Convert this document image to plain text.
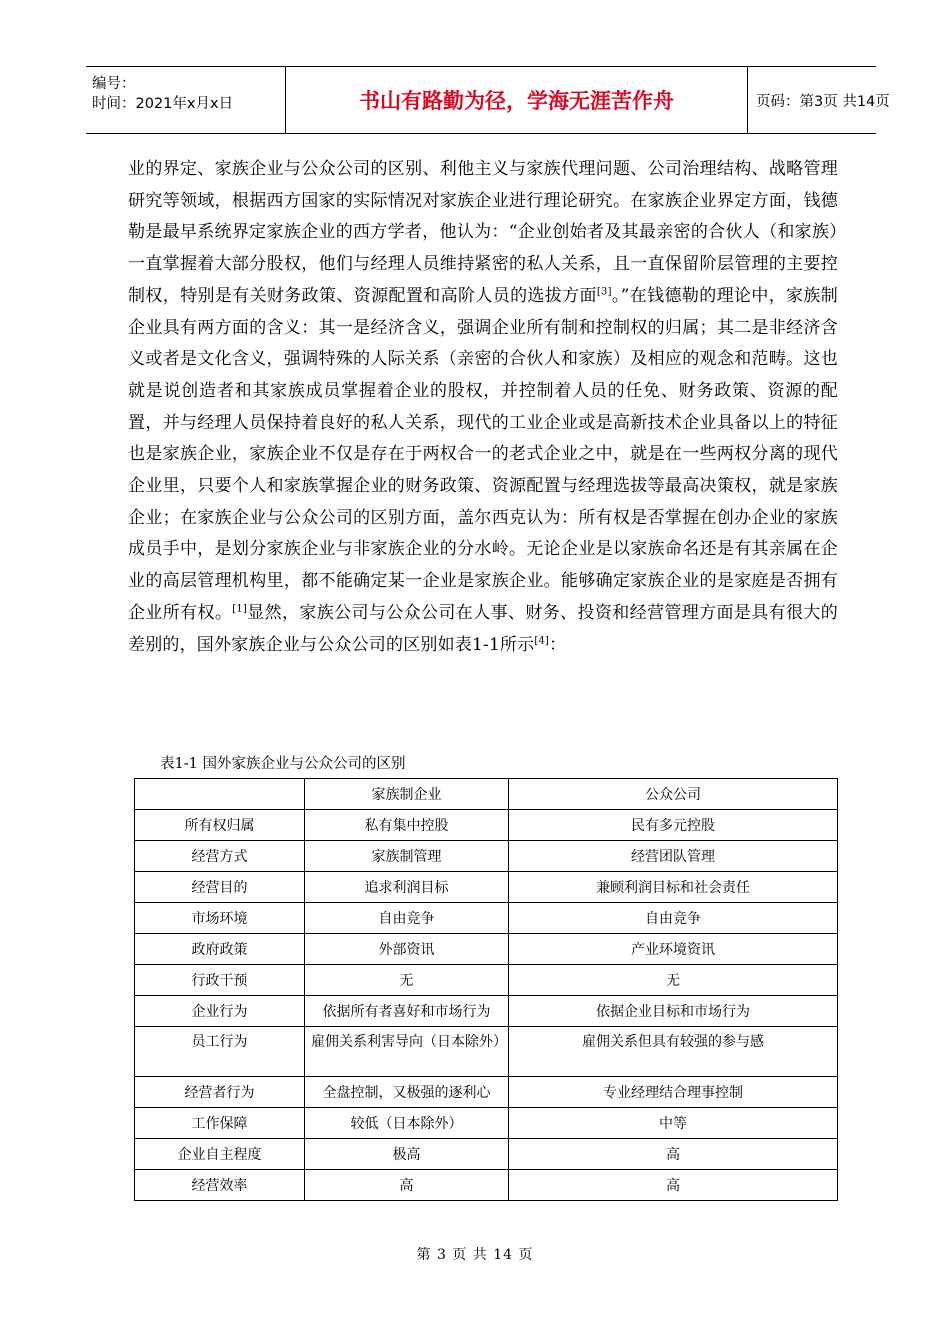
编号：
时间：2021年x月x日	书山有路勤为径，学海无涯苦作舟	页码：第3页 共14页
业的界定、家族企业与公众公司的区别、利他主义与家族代理问题、公司治理结构、战略管理研究等领域，根据西方国家的实际情况对家族企业进行理论研究。在家族企业界定方面，钱德勒是最早系统界定家族企业的西方学者，他认为：“企业创始者及其最亲密的合伙人（和家族）一直掌握着大部分股权，他们与经理人员维持紧密的私人关系，且一直保留阶层管理的主要控制权，特别是有关财务政策、资源配置和高阶人员的选拔方面[3]。”在钱德勒的理论中，家族制企业具有两方面的含义：其一是经济含义，强调企业所有制和控制权的归属；其二是非经济含义或者是文化含义，强调特殊的人际关系（亲密的合伙人和家族）及相应的观念和范畴。这也就是说创造者和其家族成员掌握着企业的股权，并控制着人员的任免、财务政策、资源的配置，并与经理人员保持着良好的私人关系，现代的工业企业或是高新技术企业具备以上的特征也是家族企业，家族企业不仅是存在于两权合一的老式企业之中，就是在一些两权分离的现代企业里，只要个人和家族掌握企业的财务政策、资源配置与经理选拔等最高决策权，就是家族企业；在家族企业与公众公司的区别方面，盖尔西克认为：所有权是否掌握在创办企业的家族成员手中，是划分家族企业与非家族企业的分水岭。无论企业是以家族命名还是有其亲属在企业的高层管理机构里，都不能确定某一企业是家族企业。能够确定家族企业的是家庭是否拥有企业所有权。[1]显然，家族公司与公众公司在人事、财务、投资和经营管理方面是具有很大的差别的，国外家族企业与公众公司的区别如表1-1所示[4]：
表1-1 国外家族企业与公众公司的区别
	家族制企业	公众公司
所有权归属	私有集中控股	民有多元控股
经营方式	家族制管理	经营团队管理
经营目的	追求利润目标	兼顾利润目标和社会责任
市场环境	自由竞争	自由竞争
政府政策	外部资讯	产业环境资讯
行政干预	无	无
企业行为	依据所有者喜好和市场行为	依据企业目标和市场行为
员工行为	雇佣关系利害导向（日本除外）	雇佣关系但具有较强的参与感
经营者行为	全盘控制，又极强的逐利心	专业经理结合理事控制
工作保障	较低（日本除外）	中等
企业自主程度	极高	高
经营效率	高	高
第 3 页 共 14 页
